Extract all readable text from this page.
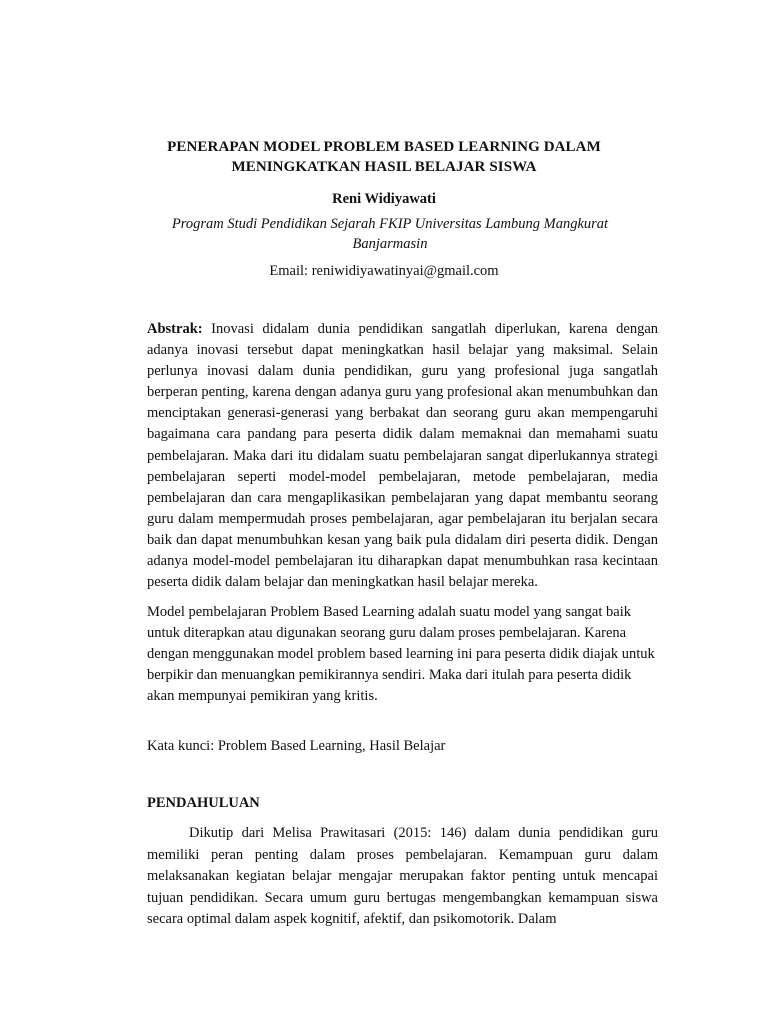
PENERAPAN MODEL PROBLEM BASED LEARNING DALAM
MENINGKATKAN HASIL BELAJAR SISWA
Reni Widiyawati
Program Studi Pendidikan Sejarah FKIP Universitas Lambung Mangkurat
Banjarmasin
Email: reniwidiyawatinyai@gmail.com

Abstrak: Inovasi didalam dunia pendidikan sangatlah diperlukan, karena dengan adanya inovasi tersebut dapat meningkatkan hasil belajar yang maksimal. Selain perlunya inovasi dalam dunia pendidikan, guru yang profesional juga sangatlah berperan penting, karena dengan adanya guru yang profesional akan menumbuhkan dan menciptakan generasi-generasi yang berbakat dan seorang guru akan mempengaruhi bagaimana cara pandang para peserta didik dalam memaknai dan memahami suatu pembelajaran. Maka dari itu didalam suatu pembelajaran sangat diperlukannya strategi pembelajaran seperti model-model pembelajaran, metode pembelajaran, media pembelajaran dan cara mengaplikasikan pembelajaran yang dapat membantu seorang guru dalam mempermudah proses pembelajaran, agar pembelajaran itu berjalan secara baik dan dapat menumbuhkan kesan yang baik pula didalam diri peserta didik. Dengan adanya model-model pembelajaran itu diharapkan dapat menumbuhkan rasa kecintaan peserta didik dalam belajar dan meningkatkan hasil belajar mereka.

Model pembelajaran Problem Based Learning adalah suatu model yang sangat baik untuk diterapkan atau digunakan seorang guru dalam proses pembelajaran. Karena dengan menggunakan model problem based learning ini para peserta didik diajak untuk berpikir dan menuangkan pemikirannya sendiri. Maka dari itulah para peserta didik akan mempunyai pemikiran yang kritis.

Kata kunci: Problem Based Learning, Hasil Belajar

PENDAHULUAN

Dikutip dari Melisa Prawitasari (2015: 146) dalam dunia pendidikan guru memiliki peran penting dalam proses pembelajaran. Kemampuan guru dalam melaksanakan kegiatan belajar mengajar merupakan faktor penting untuk mencapai tujuan pendidikan. Secara umum guru bertugas mengembangkan kemampuan siswa secara optimal dalam aspek kognitif, afektif, dan psikomotorik. Dalam
